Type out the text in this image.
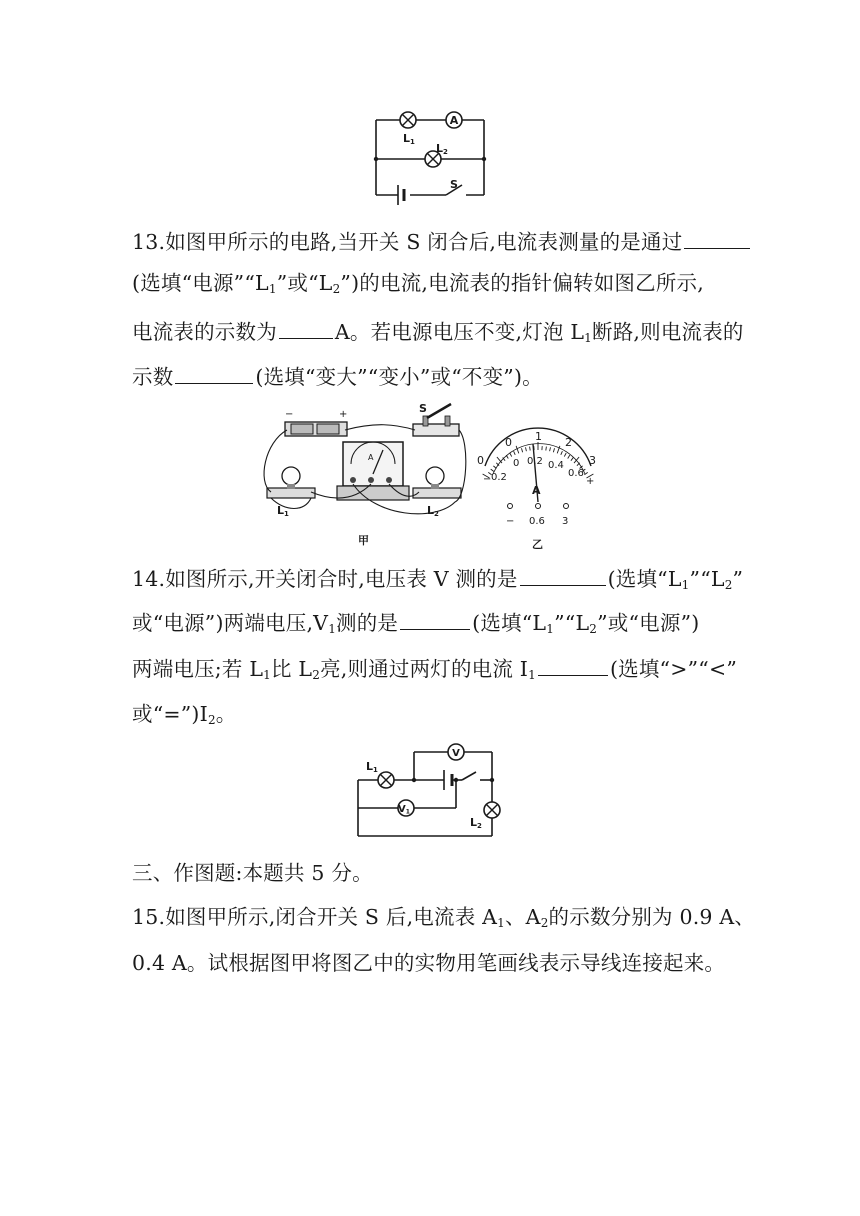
A
L1 L2
S
13.如图甲所示的电路,当开关 S 闭合后,电流表测量的是通过
(选填“电源$”“L_1$”或“$L_2$”)的电流,电流表的指针偏转如图乙所示,
电流表的示数为	A。若电源电压不变,灯泡 $L_1$断路,则电流表的
示数	(选填“变大”“变小”或“不变”)。
−	+	S
A
L1	L2
甲
0
0 1 2
3
− 0.2
0 0.2 0.4
0.6
+
A
− 0.6 3
乙
14.如图所示,开关闭合时,电压表 V 测的是	(选填“$L_1”“L_2$”
或“电源”)两端电压$,V_1$测的是	(选填“$L_1”“L_2$”或“电源”)
两端电压;若 $L_1$比 $L_2$亮,则通过两灯的电流 $I_1$	(选填“>”“<”
或“$=”)I_2$。
V
V1
L1
L2
三、作图题:本题共 5 分。
15.如图甲所示,闭合开关 S 后,电流表 $A_1$、$A_2$的示数分别为 0.9 A、
0.4 A。试根据图甲将图乙中的实物用笔画线表示导线连接起来。
